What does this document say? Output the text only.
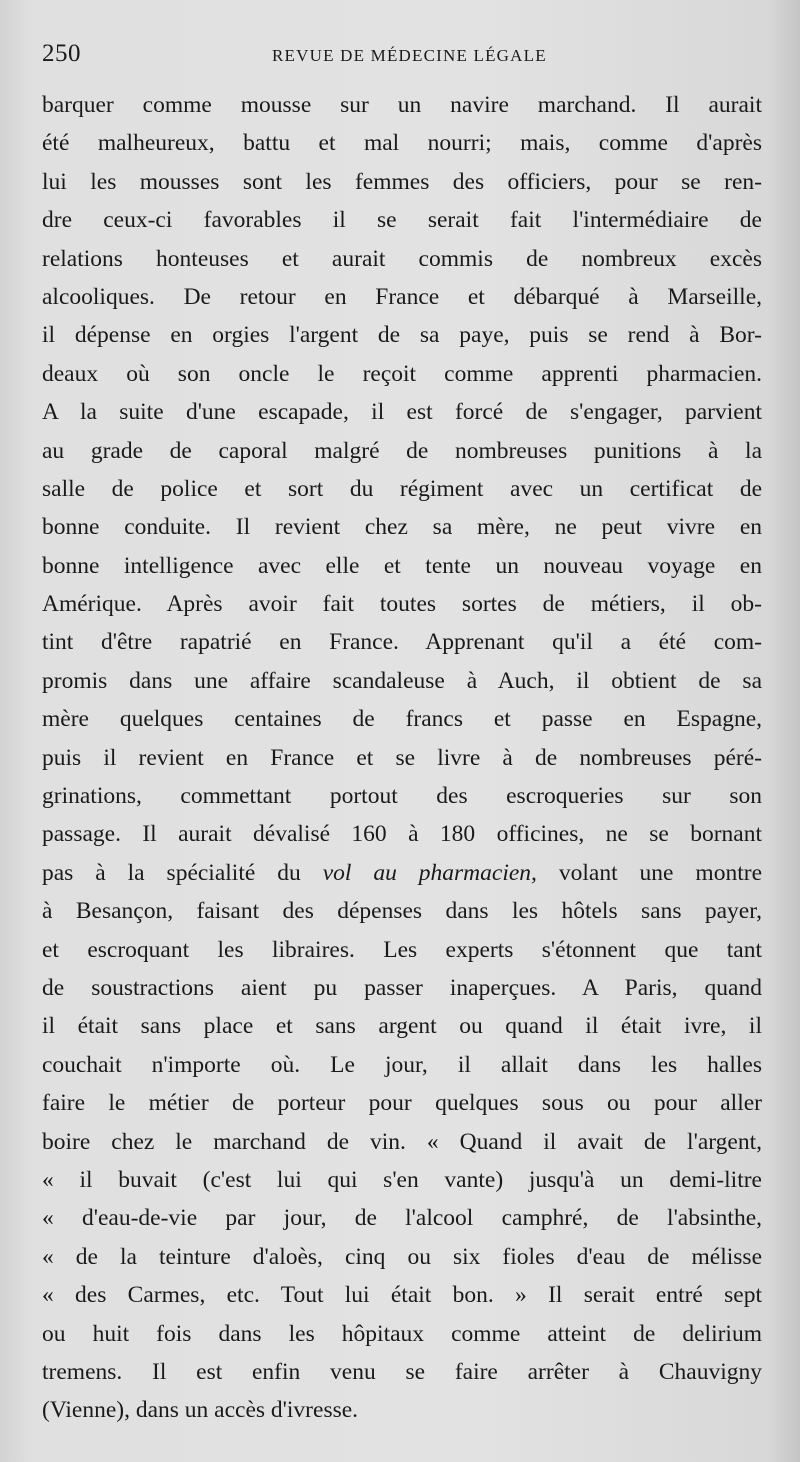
250	REVUE DE MÉDECINE LÉGALE
barquer comme mousse sur un navire marchand. Il aurait
été malheureux, battu et mal nourri; mais, comme d'après
lui les mousses sont les femmes des officiers, pour se ren-
dre ceux-ci favorables il se serait fait l'intermédiaire de
relations honteuses et aurait commis de nombreux excès
alcooliques. De retour en France et débarqué à Marseille,
il dépense en orgies l'argent de sa paye, puis se rend à Bor-
deaux où son oncle le reçoit comme apprenti pharmacien.
A la suite d'une escapade, il est forcé de s'engager, parvient
au grade de caporal malgré de nombreuses punitions à la
salle de police et sort du régiment avec un certificat de
bonne conduite. Il revient chez sa mère, ne peut vivre en
bonne intelligence avec elle et tente un nouveau voyage en
Amérique. Après avoir fait toutes sortes de métiers, il ob-
tint d'être rapatrié en France. Apprenant qu'il a été com-
promis dans une affaire scandaleuse à Auch, il obtient de sa
mère quelques centaines de francs et passe en Espagne,
puis il revient en France et se livre à de nombreuses péré-
grinations, commettant portout des escroqueries sur son
passage. Il aurait dévalisé 160 à 180 officines, ne se bornant
pas à la spécialité du vol au pharmacien, volant une montre
à Besançon, faisant des dépenses dans les hôtels sans payer,
et escroquant les libraires. Les experts s'étonnent que tant
de soustractions aient pu passer inaperçues. A Paris, quand
il était sans place et sans argent ou quand il était ivre, il
couchait n'importe où. Le jour, il allait dans les halles
faire le métier de porteur pour quelques sous ou pour aller
boire chez le marchand de vin. « Quand il avait de l'argent,
« il buvait (c'est lui qui s'en vante) jusqu'à un demi-litre
« d'eau-de-vie par jour, de l'alcool camphré, de l'absinthe,
« de la teinture d'aloès, cinq ou six fioles d'eau de mélisse
« des Carmes, etc. Tout lui était bon. » Il serait entré sept
ou huit fois dans les hôpitaux comme atteint de delirium
tremens. Il est enfin venu se faire arrêter à Chauvigny
(Vienne), dans un accès d'ivresse.
